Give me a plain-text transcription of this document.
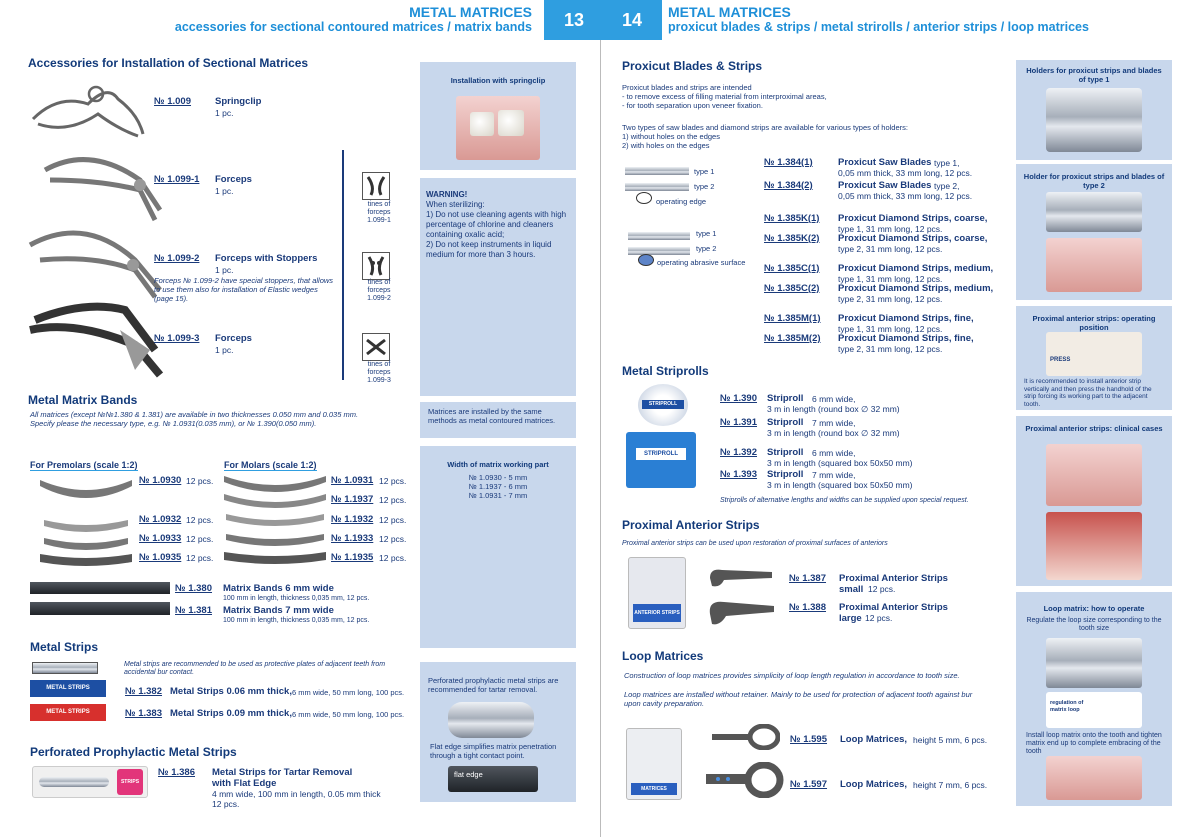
METAL MATRICES
accessories for sectional contoured matrices / matrix bands	13	14	METAL MATRICES
proxicut blades & strips / metal strirolls / anterior strips / loop matrices
Accessories for Installation of Sectional Matrices
№ 1.009	Springclip
1 pc.
№ 1.099-1 Forceps
1 pc.
№ 1.099-2 Forceps with Stoppers
1 pc.
Forceps № 1.099-2 have special stoppers, that allows to use them also for installation of Elastic wedges (page 15).
№ 1.099-3 Forceps
1 pc.
tines of forceps 1.099-1
tines of forceps 1.099-2
tines of forceps 1.099-3
Installation with springclip
WARNING!
When sterilizing:
1) Do not use cleaning agents with high percentage of chlorine and cleaners containing oxalic acid;
2) Do not keep instruments in liquid medium for more than 3 hours.
Matrices are installed by the same methods as metal contoured matrices.
Width of matrix working part
№ 1.0930 - 5 mm
№ 1.1937 - 6 mm
№ 1.0931 - 7 mm
Perforated prophylactic metal strips are recommended for tartar removal.
Flat edge simplifies matrix penetration through a tight contact point.
flat edge
Metal Matrix Bands
All matrices (except №№1.380 & 1.381) are available in two thicknesses 0.050 mm and 0.035 mm. Specify please the necessary type, e.g. № 1.0931(0.035 mm), or № 1.390(0.050 mm).
For Premolars (scale 1:2)	For Molars (scale 1:2)
№ 1.0930 12 pcs.
№ 1.0932 12 pcs.
№ 1.0933 12 pcs.
№ 1.0935 12 pcs.
№ 1.0931 12 pcs.
№ 1.1937 12 pcs.
№ 1.1932 12 pcs.
№ 1.1933 12 pcs.
№ 1.1935 12 pcs.
№ 1.380 Matrix Bands 6 mm wide
100 mm in length, thickness 0,035 mm, 12 pcs.
№ 1.381 Matrix Bands 7 mm wide
100 mm in length, thickness 0,035 mm, 12 pcs.
Metal Strips
Metal strips are recommended to be used as protective plates of adjacent teeth from accidental bur contact.
METAL STRIPS	№ 1.382 Metal Strips 0.06 mm thick, 6 mm wide, 50 mm long, 100 pcs.
METAL STRIPS	№ 1.383 Metal Strips 0.09 mm thick, 6 mm wide, 50 mm long, 100 pcs.
Perforated Prophylactic Metal Strips
STRIPS
№ 1.386 Metal Strips for Tartar Removal with Flat Edge
4 mm wide, 100 mm in length, 0.05 mm thick
12 pcs.
Proxicut Blades & Strips
Proxicut blades and strips are intended
- to remove excess of filling material from interproximal areas,
- for tooth separation upon veneer fixation.
Two types of saw blades and diamond strips are available for various types of holders:
1) without holes on the edges
2) with holes on the edges
type 1
type 2
operating edge
type 1
type 2
operating abrasive surface
№ 1.384(1)	Proxicut Saw Blades type 1,
0,05 mm thick, 33 mm long, 12 pcs.
№ 1.384(2)	Proxicut Saw Blades type 2,
0,05 mm thick, 33 mm long, 12 pcs.
№ 1.385K(1) Proxicut Diamond Strips, coarse,
type 1, 31 mm long, 12 pcs.
№ 1.385K(2) Proxicut Diamond Strips, coarse,
type 2, 31 mm long, 12 pcs.
№ 1.385C(1) Proxicut Diamond Strips, medium,
type 1, 31 mm long, 12 pcs.
№ 1.385C(2) Proxicut Diamond Strips, medium,
type 2, 31 mm long, 12 pcs.
№ 1.385M(1) Proxicut Diamond Strips, fine,
type 1, 31 mm long, 12 pcs.
№ 1.385M(2) Proxicut Diamond Strips, fine,
type 2, 31 mm long, 12 pcs.
Metal Striprolls
STRIPROLL
STRIPROLL
№ 1.390 Striproll 6 mm wide,
3 m in length (round box ∅ 32 mm)
№ 1.391 Striproll 7 mm wide,
3 m in length (round box ∅ 32 mm)
№ 1.392 Striproll 6 mm wide,
3 m in length (squared box 50x50 mm)
№ 1.393 Striproll 7 mm wide,
3 m in length (squared box 50x50 mm)
Striprolls of alternative lengths and widths can be supplied upon special request.
Proximal Anterior Strips
Proximal anterior strips can be used upon restoration of proximal surfaces of anteriors
ANTERIOR STRIPS
№ 1.387 Proximal Anterior Strips small 12 pcs.
№ 1.388 Proximal Anterior Strips large 12 pcs.
Loop Matrices
Construction of loop matrices provides simplicity of loop length regulation in accordance to tooth size.
Loop matrices are installed without retainer. Mainly to be used for protection of adjacent tooth against bur upon cavity preparation.
MATRICES
№ 1.595 Loop Matrices, height 5 mm, 6 pcs.
№ 1.597 Loop Matrices, height 7 mm, 6 pcs.
Holders for proxicut strips and blades of type 1
Holder for proxicut strips and blades of type 2
Proximal anterior strips: operating position
PRESS
It is recommended to install anterior strip vertically and then press the handhold of the strip forcing its working part to the adjacent tooth.
Proximal anterior strips: clinical cases
Loop matrix: how to operate
Regulate the loop size corresponding to the tooth size
regulation of matrix loop
Install loop matrix onto the tooth and tighten matrix end up to complete embracing of the tooth
